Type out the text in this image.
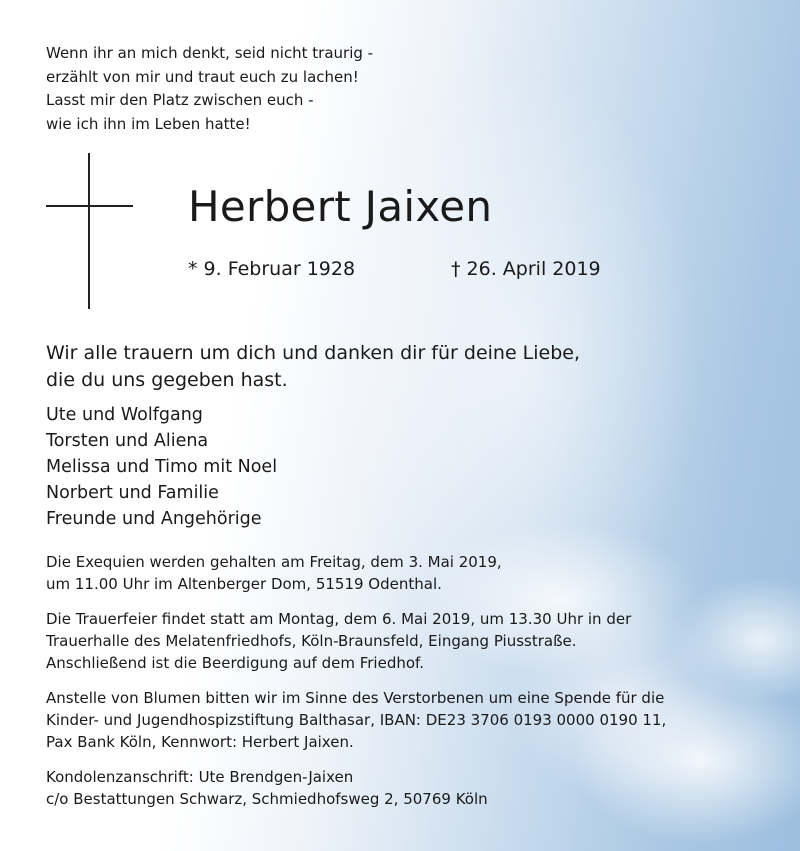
Wenn ihr an mich denkt, seid nicht traurig -
erzählt von mir und traut euch zu lachen!
Lasst mir den Platz zwischen euch -
wie ich ihn im Leben hatte!
Herbert Jaixen
* 9. Februar 1928	† 26. April 2019
Wir alle trauern um dich und danken dir für deine Liebe,
die du uns gegeben hast.
Ute und Wolfgang
Torsten und Aliena
Melissa und Timo mit Noel
Norbert und Familie
Freunde und Angehörige
Die Exequien werden gehalten am Freitag, dem 3. Mai 2019,
um 11.00 Uhr im Altenberger Dom, 51519 Odenthal.
Die Trauerfeier findet statt am Montag, dem 6. Mai 2019, um 13.30 Uhr in der
Trauerhalle des Melatenfriedhofs, Köln-Braunsfeld, Eingang Piusstraße.
Anschließend ist die Beerdigung auf dem Friedhof.
Anstelle von Blumen bitten wir im Sinne des Verstorbenen um eine Spende für die
Kinder- und Jugendhospizstiftung Balthasar, IBAN: DE23 3706 0193 0000 0190 11,
Pax Bank Köln, Kennwort: Herbert Jaixen.
Kondolenzanschrift: Ute Brendgen-Jaixen
c/o Bestattungen Schwarz, Schmiedhofsweg 2, 50769 Köln
